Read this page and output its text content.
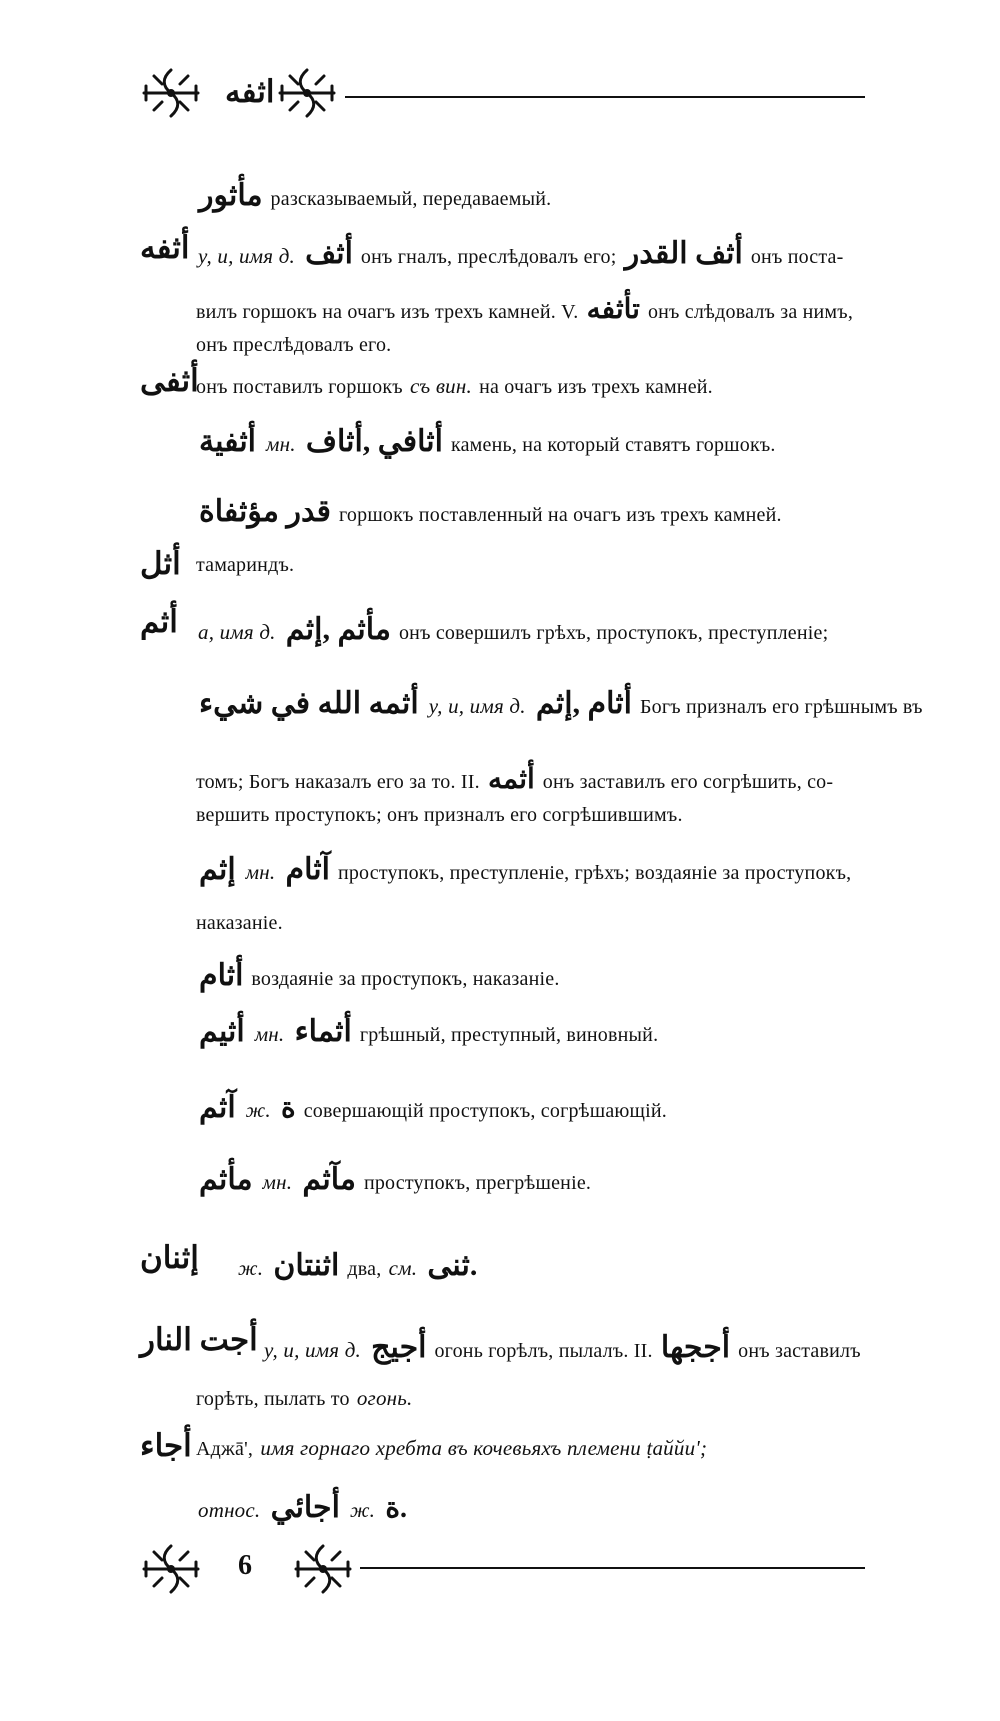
اثفه
مأثور разсказываемый, передаваемый.
أثفه у, и, имя д. أثف онъ гналъ, преслѣдовалъ его; أثف القدر онъ поста-
вилъ горшокъ на очагъ изъ трехъ камней. V. تأثفه онъ слѣдовалъ за нимъ,
онъ преслѣдовалъ его.
أثفى
онъ поставилъ горшокъ съ вин. на очагъ изъ трехъ камней.
أثفية мн. أثافي ,أثاف камень, на который ставятъ горшокъ.
قدر مؤثفاة горшокъ поставленный на очагъ изъ трехъ камней.
أثل тамариндъ.
أثم а, имя д. مأثم ,إثم онъ совершилъ грѣхъ, проступокъ, преступленіе;
أثمه الله في شيء у, и, имя д. أثام ,إثم Богъ призналъ его грѣшнымъ въ
томъ; Богъ наказалъ его за то. II. أثمه онъ заставилъ его согрѣшить, со-
вершить проступокъ; онъ призналъ его согрѣшившимъ.
إثم мн. آثام проступокъ, преступленіе, грѣхъ; воздаяніе за проступокъ,
наказаніе.
أثام воздаяніе за проступокъ, наказаніе.
أثيم мн. أثماء грѣшный, преступный, виновный.
آثم ж. ة совершающій проступокъ, согрѣшающій.
مأثم мн. مآثم проступокъ, прегрѣшеніе.
إثنان ж. اثنتان два, см. ثنى.
أجت النار у, и, имя д. أجيج огонь горѣлъ, пылалъ. II. أججها онъ заставилъ
горѣть, пылать то огонь.
أجاء Аджā', имя горнаго хребта въ кочевьяхъ племени ṭаййи';
относ. أجائي ж. ة.
6
